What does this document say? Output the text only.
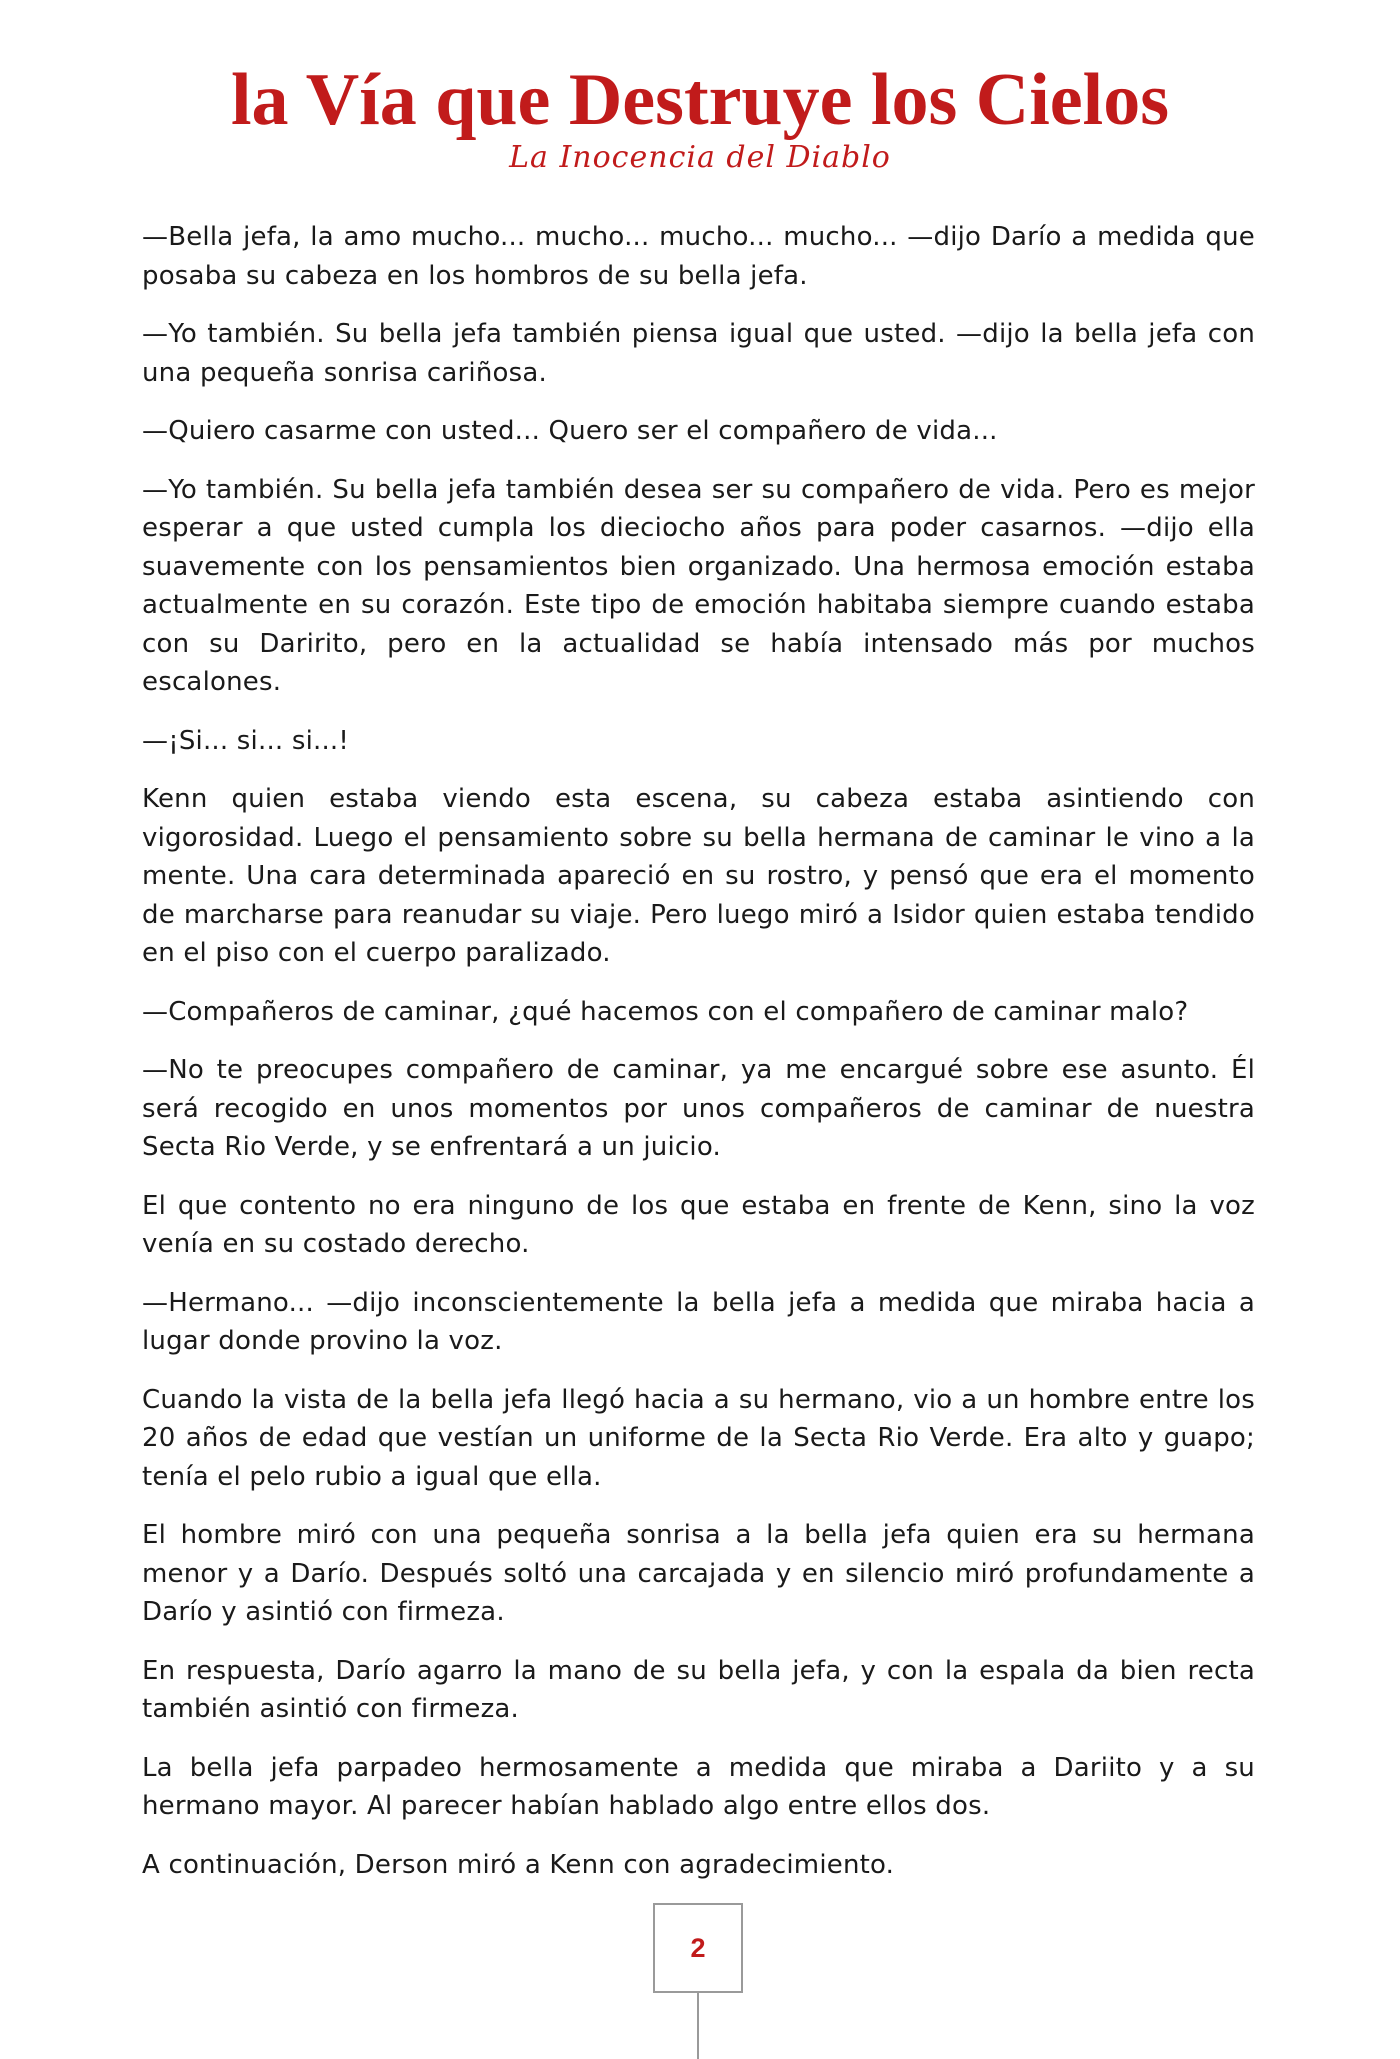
la Vía que Destruye los Cielos
La Inocencia del Diablo

—Bella jefa, la amo mucho... mucho... mucho... mucho... —dijo Darío a medida que posaba su cabeza en los hombros de su bella jefa.

—Yo también. Su bella jefa también piensa igual que usted. —dijo la bella jefa con una pequeña sonrisa cariñosa.

—Quiero casarme con usted... Quero ser el compañero de vida...

—Yo también. Su bella jefa también desea ser su compañero de vida. Pero es mejor esperar a que usted cumpla los dieciocho años para poder casarnos. —dijo ella suavemente con los pensamientos bien organizado. Una hermosa emoción estaba actualmente en su corazón. Este tipo de emoción habitaba siempre cuando estaba con su Daririto, pero en la actualidad se había intensado más por muchos escalones.

—¡Si... si... si...!

Kenn quien estaba viendo esta escena, su cabeza estaba asintiendo con vigorosidad. Luego el pensamiento sobre su bella hermana de caminar le vino a la mente. Una cara determinada apareció en su rostro, y pensó que era el momento de marcharse para reanudar su viaje. Pero luego miró a Isidor quien estaba tendido en el piso con el cuerpo paralizado.

—Compañeros de caminar, ¿qué hacemos con el compañero de caminar malo?

—No te preocupes compañero de caminar, ya me encargué sobre ese asunto. Él será recogido en unos momentos por unos compañeros de caminar de nuestra Secta Rio Verde, y se enfrentará a un juicio.

El que contento no era ninguno de los que estaba en frente de Kenn, sino la voz venía en su costado derecho.

—Hermano... —dijo inconscientemente la bella jefa a medida que miraba hacia a lugar donde provino la voz.

Cuando la vista de la bella jefa llegó hacia a su hermano, vio a un hombre entre los 20 años de edad que vestían un uniforme de la Secta Rio Verde. Era alto y guapo; tenía el pelo rubio a igual que ella.

El hombre miró con una pequeña sonrisa a la bella jefa quien era su hermana menor y a Darío. Después soltó una carcajada y en silencio miró profundamente a Darío y asintió con firmeza.

En respuesta, Darío agarro la mano de su bella jefa, y con la espala da bien recta también asintió con firmeza.

La bella jefa parpadeo hermosamente a medida que miraba a Dariito y a su hermano mayor. Al parecer habían hablado algo entre ellos dos.

A continuación, Derson miró a Kenn con agradecimiento.

2
